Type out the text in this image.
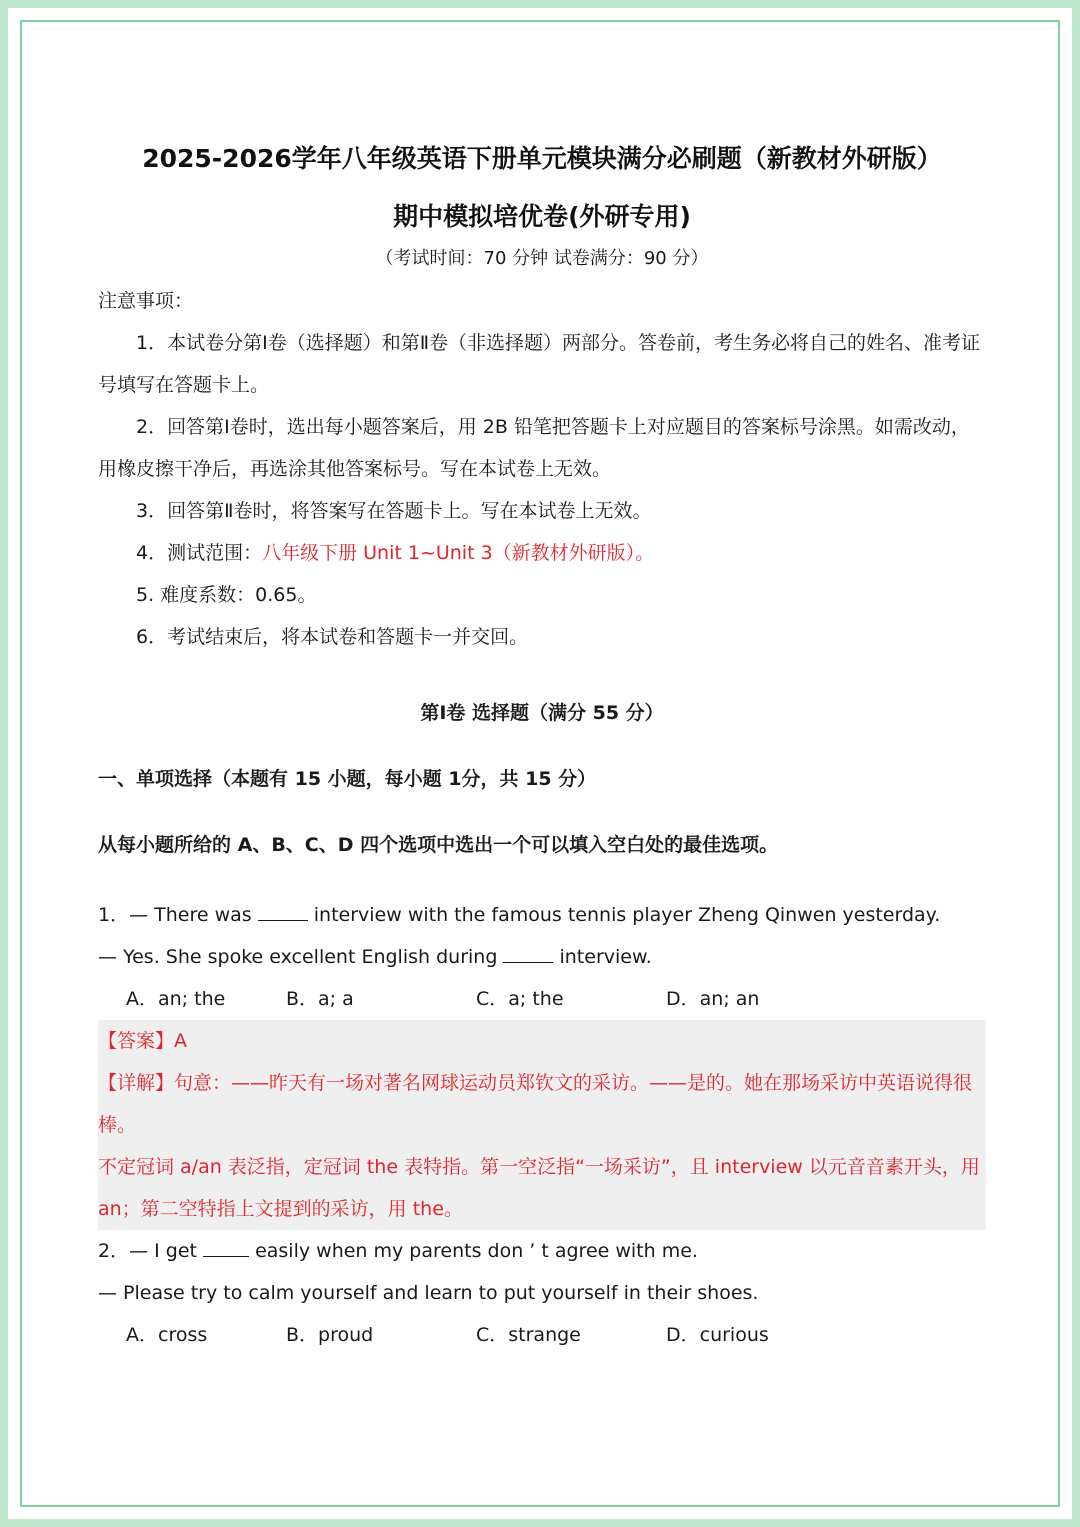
2025-2026学年八年级英语下册单元模块满分必刷题（新教材外研版）
期中模拟培优卷(外研专用)
（考试时间：70 分钟 试卷满分：90 分）
注意事项：
1．本试卷分第Ⅰ卷（选择题）和第Ⅱ卷（非选择题）两部分。答卷前，考生务必将自己的姓名、准考证号填写在答题卡上。
2．回答第Ⅰ卷时，选出每小题答案后，用 2B 铅笔把答题卡上对应题目的答案标号涂黑。如需改动，用橡皮擦干净后，再选涂其他答案标号。写在本试卷上无效。
3．回答第Ⅱ卷时，将答案写在答题卡上。写在本试卷上无效。
4．测试范围：八年级下册 Unit 1~Unit 3（新教材外研版）。
5. 难度系数：0.65。
6．考试结束后，将本试卷和答题卡一并交回。
第Ⅰ卷 选择题（满分 55 分）
一、单项选择（本题有 15 小题，每小题 1分，共 15 分）
从每小题所给的 A、B、C、D 四个选项中选出一个可以填入空白处的最佳选项。
1．— There was	interview with the famous tennis player Zheng Qinwen yesterday.
— Yes. She spoke excellent English during	interview.
A．an; the	B．a; a	C．a; the	D．an; an
【答案】A
【详解】句意：——昨天有一场对著名网球运动员郑钦文的采访。——是的。她在那场采访中英语说得很棒。
不定冠词 a/an 表泛指，定冠词 the 表特指。第一空泛指“一场采访”，且 interview 以元音音素开头，用 an；第二空特指上文提到的采访，用 the。
2．— I get	easily when my parents don ’ t agree with me.
— Please try to calm yourself and learn to put yourself in their shoes.
A．cross	B．proud	C．strange	D．curious
